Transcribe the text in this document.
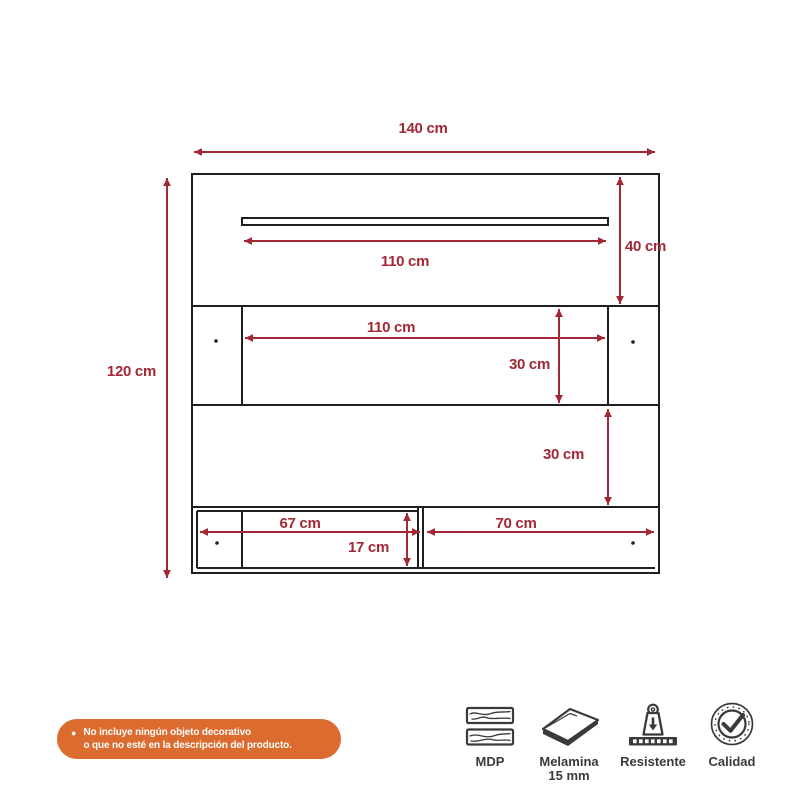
140 cm
120 cm
40 cm
110 cm
110 cm
30 cm
30 cm
67 cm
17 cm
70 cm
● No incluye ningún objeto decorativo
o que no esté en la descripción del producto.
MDP	Melamina
15 mm
Resistente Calidad
